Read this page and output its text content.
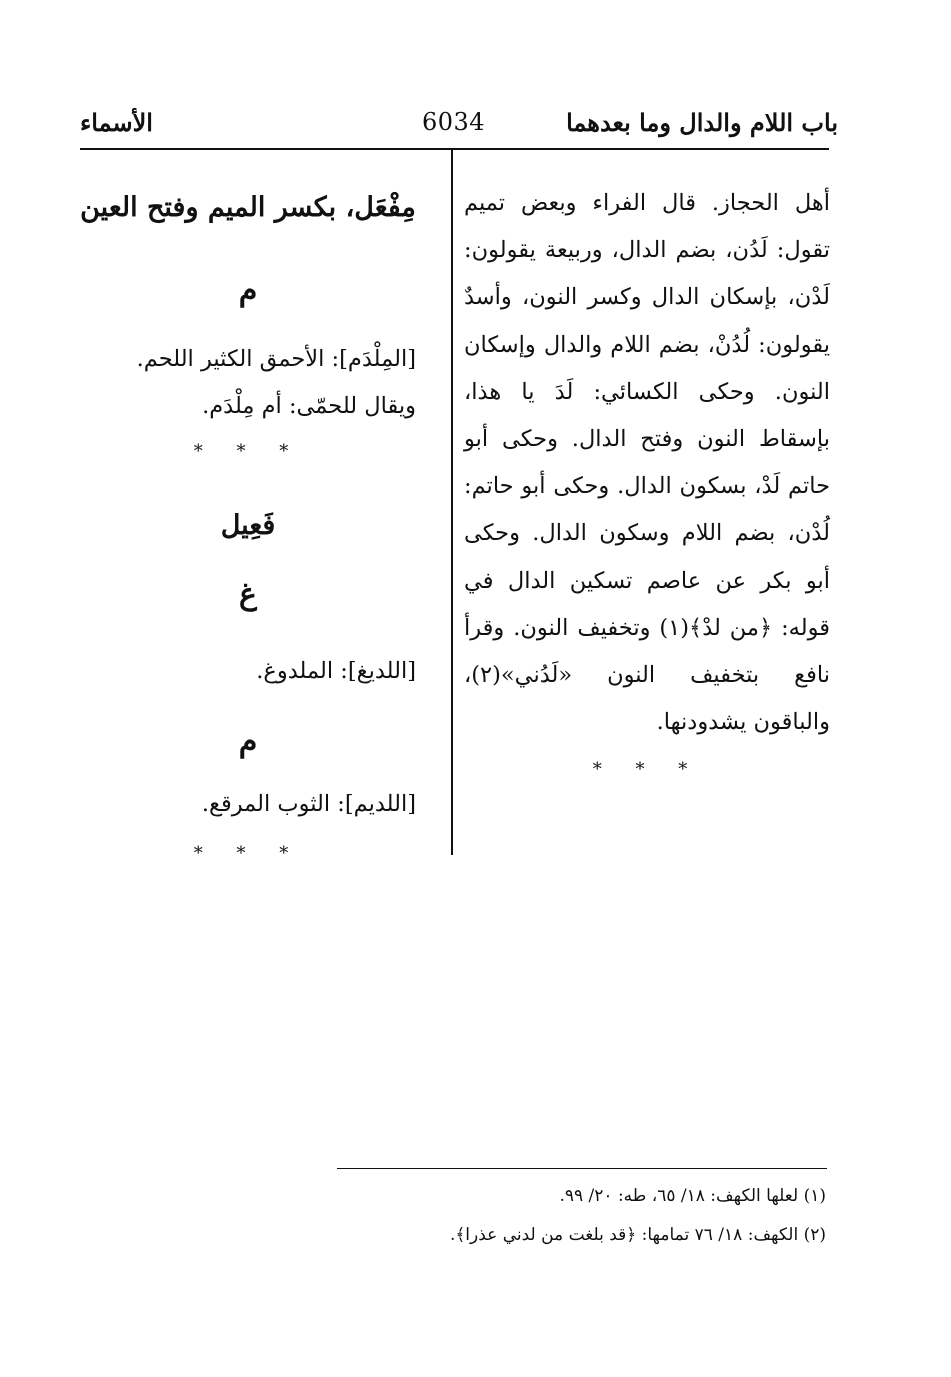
باب اللام والدال وما بعدهما
6034
الأسماء

أهل الحجاز. قال الفراء وبعض تميم تقول: لَدُن، بضم الدال، وربيعة يقولون: لَدْن، بإسكان الدال وكسر النون، وأسدٌ يقولون: لُدُنْ، بضم اللام والدال وإسكان النون. وحكى الكسائي: لَدَ يا هذا، بإسقاط النون وفتح الدال. وحكى أبو حاتم لَدْ، بسكون الدال. وحكى أبو حاتم: لُدْن، بضم اللام وسكون الدال. وحكى أبو بكر عن عاصم تسكين الدال في قوله: ﴿من لدْ﴾(١) وتخفيف النون. وقرأ نافع بتخفيف النون «لَدُني»(٢)، والباقون يشدودنها.

* * *

مِفْعَل، بكسر الميم وفتح العين

م

[المِلْدَم]: الأحمق الكثير اللحم.

ويقال للحمّى: أم مِلْدَم.

* * *

فَعِيل

غ

[اللديغ]: الملدوغ.

م

[اللديم]: الثوب المرقع.

* * *
(١) لعلها الكهف: ١٨/ ٦٥، طه: ٢٠/ ٩٩.
(٢) الكهف: ١٨/ ٧٦ تمامها: ﴿قد بلغت من لدني عذرا﴾.
